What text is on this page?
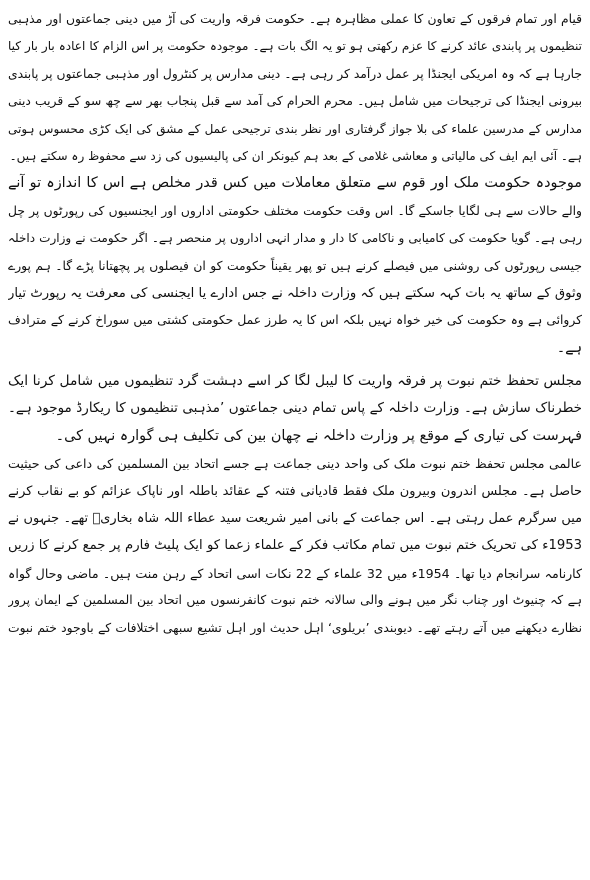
قیام اور تمام فرقوں کے تعاون کا عملی مظاہرہ ہے۔ حکومت فرقہ واریت کی آڑ میں دینی جماعتوں اور مذہبی
تنظیموں پر پابندی عائد کرنے کا عزم رکھتی ہو تو یہ الگ بات ہے۔ موجودہ حکومت پر اس الزام کا اعادہ بار بار کیا
جارہا ہے کہ وہ امریکی ایجنڈا پر عمل درآمد کر رہی ہے۔ دینی مدارس پر کنٹرول اور مذہبی جماعتوں پر پابندی
بیرونی ایجنڈا کی ترجیحات میں شامل ہیں۔ محرم الحرام کی آمد سے قبل پنجاب بھر سے چھ سو کے قریب دینی
مدارس کے مدرسین علماء کی بلا جواز گرفتاری اور نظر بندی ترجیحی عمل کے مشق کی ایک کڑی محسوس ہوتی
ہے۔ آئی ایم ایف کی مالیاتی و معاشی غلامی کے بعد ہم کیونکر ان کی پالیسیوں کی زد سے محفوظ رہ سکتے ہیں۔
موجودہ حکومت ملک اور قوم سے متعلق معاملات میں کس قدر مخلص ہے اس کا اندازہ تو آنے
والے حالات سے ہی لگایا جاسکے گا۔ اس وقت حکومت مختلف حکومتی اداروں اور ایجنسیوں کی رپورٹوں پر چل
رہی ہے۔ گویا حکومت کی کامیابی و ناکامی کا دار و مدار انہی اداروں پر منحصر ہے۔ اگر حکومت نے وزارت داخلہ
جیسی رپورٹوں کی روشنی میں فیصلے کرنے ہیں تو پھر یقیناً حکومت کو ان فیصلوں پر پچھتانا پڑے گا۔ ہم پورے
وثوق کے ساتھ یہ بات کہہ سکتے ہیں کہ وزارت داخلہ نے جس ادارے یا ایجنسی کی معرفت یہ رپورٹ تیار
کروائی ہے وہ حکومت کی خیر خواہ نہیں بلکہ اس کا یہ طرز عمل حکومتی کشتی میں سوراخ کرنے کے مترادف
ہے۔
مجلس تحفظ ختم نبوت پر فرقہ واریت کا لیبل لگا کر اسے دہشت گرد تنظیموں میں شامل کرنا ایک
خطرناک سازش ہے۔ وزارت داخلہ کے پاس تمام دینی جماعتوں ’مذہبی تنظیموں کا ریکارڈ موجود ہے۔
فہرست کی تیاری کے موقع پر وزارت داخلہ نے چھان بین کی تکلیف ہی گوارہ نہیں کی۔
عالمی مجلس تحفظ ختم نبوت ملک کی واحد دینی جماعت ہے جسے اتحاد بین المسلمین کی داعی کی حیثیت
حاصل ہے۔ مجلس اندرون وبیرون ملک فقط قادیانی فتنہ کے عقائد باطلہ اور ناپاک عزائم کو بے نقاب کرنے
میں سرگرم عمل رہتی ہے۔ اس جماعت کے بانی امیر شریعت سید عطاء اللہ شاہ بخاریؒ تھے۔ جنہوں نے
1953ء کی تحریک ختم نبوت میں تمام مکاتب فکر کے علماء زعما کو ایک پلیٹ فارم پر جمع کرنے کا زریں
کارنامہ سرانجام دیا تھا۔ 1954ء میں 32 علماء کے 22 نکات اسی اتحاد کے رہن منت ہیں۔ ماضی وحال گواہ
ہے کہ چنیوٹ اور چناب نگر میں ہونے والی سالانہ ختم نبوت کانفرنسوں میں اتحاد بین المسلمین کے ایمان پرور
نظارے دیکھنے میں آتے رہتے تھے۔ دیوبندی ’بریلوی‘ اہل حدیث اور اہل تشیع سبھی اختلافات کے باوجود ختم نبوت
